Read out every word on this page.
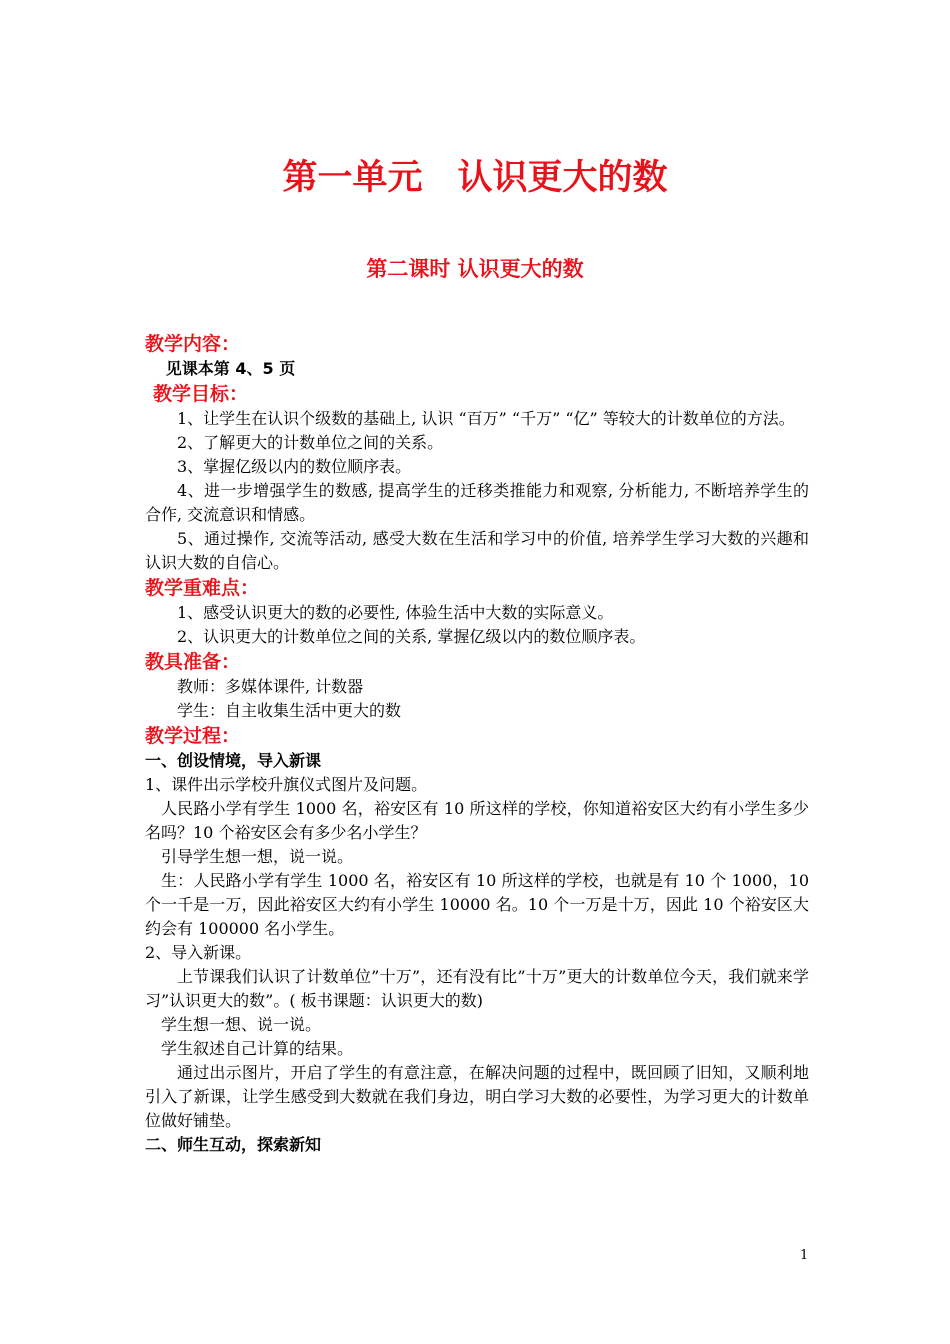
第一单元　认识更大的数
第二课时 认识更大的数
教学内容：

见课本第 4、5 页

教学目标：

1、让学生在认识个级数的基础上, 认识 “百万” “千万” “亿” 等较大的计数单位的方法。

2、了解更大的计数单位之间的关系。

3、掌握亿级以内的数位顺序表。

4、进一步增强学生的数感, 提高学生的迁移类推能力和观察, 分析能力, 不断培养学生的合作, 交流意识和情感。

5、通过操作, 交流等活动, 感受大数在生活和学习中的价值, 培养学生学习大数的兴趣和认识大数的自信心。

教学重难点：

1、感受认识更大的数的必要性, 体验生活中大数的实际意义。

2、认识更大的计数单位之间的关系, 掌握亿级以内的数位顺序表。

教具准备：

教师：多媒体课件, 计数器

学生：自主收集生活中更大的数

教学过程：

一、创设情境，导入新课

1、课件出示学校升旗仪式图片及问题。

人民路小学有学生 1000 名，裕安区有 10 所这样的学校，你知道裕安区大约有小学生多少名吗？10 个裕安区会有多少名小学生？

引导学生想一想，说一说。

生：人民路小学有学生 1000 名，裕安区有 10 所这样的学校，也就是有 10 个 1000，10 个一千是一万，因此裕安区大约有小学生 10000 名。10 个一万是十万，因此 10 个裕安区大约会有 100000 名小学生。

2、导入新课。

上节课我们认识了计数单位”十万”，还有没有比”十万”更大的计数单位今天，我们就来学习”认识更大的数”。( 板书课题：认识更大的数)

学生想一想、说一说。

学生叙述自己计算的结果。

通过出示图片，开启了学生的有意注意，在解决问题的过程中，既回顾了旧知，又顺利地引入了新课，让学生感受到大数就在我们身边，明白学习大数的必要性，为学习更大的计数单位做好铺垫。

二、师生互动，探索新知

1
